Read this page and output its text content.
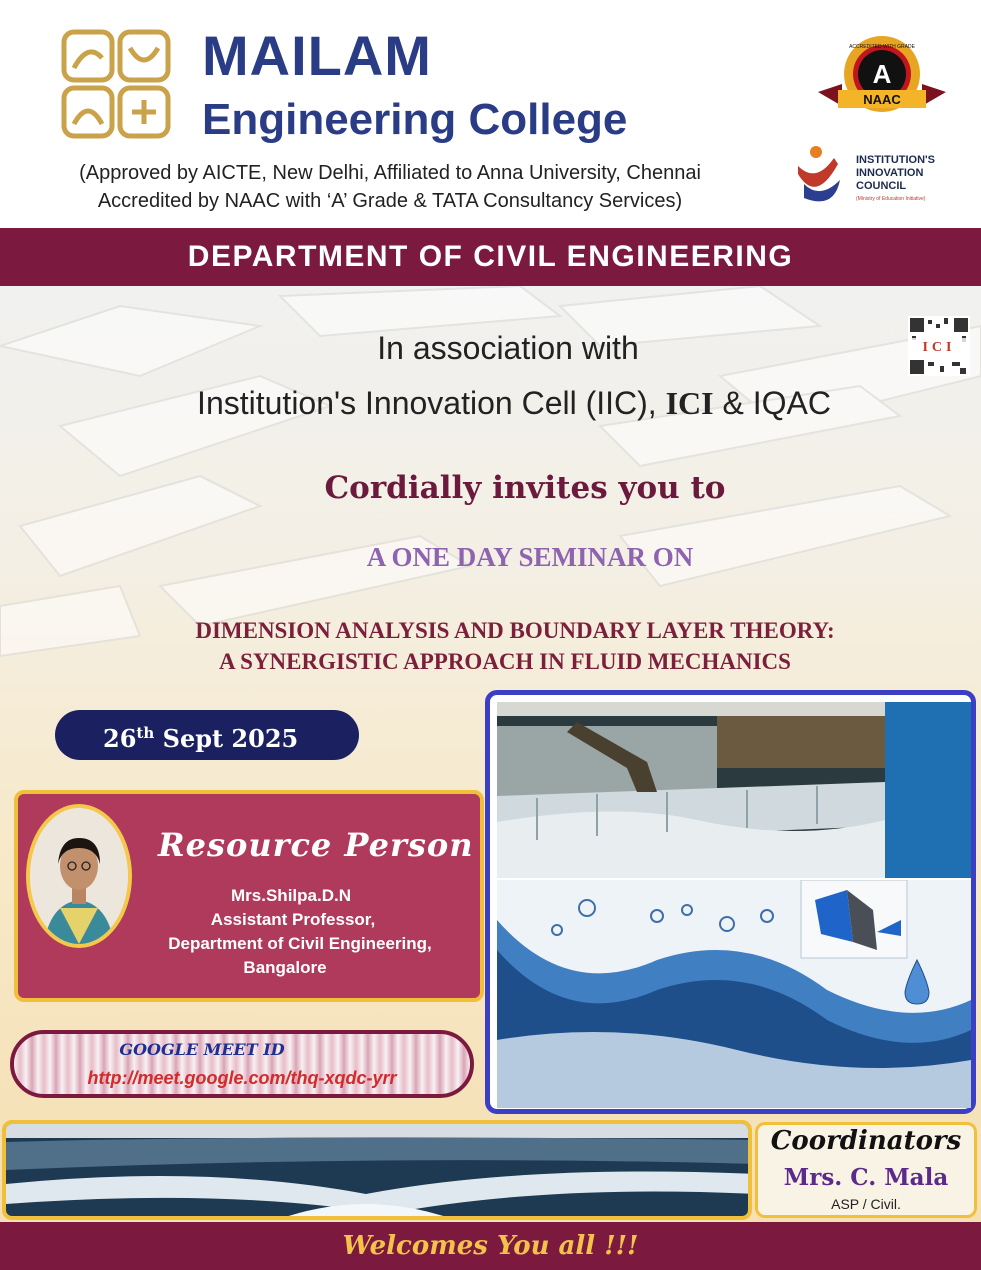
MAILAM
Engineering College
(Approved by AICTE, New Delhi, Affiliated to Anna University, Chennai
Accredited by NAAC with ‘A’ Grade & TATA Consultancy Services)
ACCREDITED WITH GRADE
A
NAAC
INSTITUTION'S
INNOVATION
COUNCIL
(Ministry of Education Initiative)
DEPARTMENT OF CIVIL ENGINEERING
In association with
Institution's Innovation Cell (IIC), ICI & IQAC
ICI
Cordially invites you to
A ONE DAY SEMINAR ON
DIMENSION ANALYSIS AND BOUNDARY LAYER THEORY:
A SYNERGISTIC APPROACH IN FLUID MECHANICS
26th Sept 2025
Resource Person
Mrs.Shilpa.D.N
Assistant Professor,
Department of Civil Engineering,
Bangalore
GOOGLE MEET ID
http://meet.google.com/thq-xqdc-yrr
Coordinators
Mrs. C. Mala
ASP / Civil.
Welcomes You all !!!
